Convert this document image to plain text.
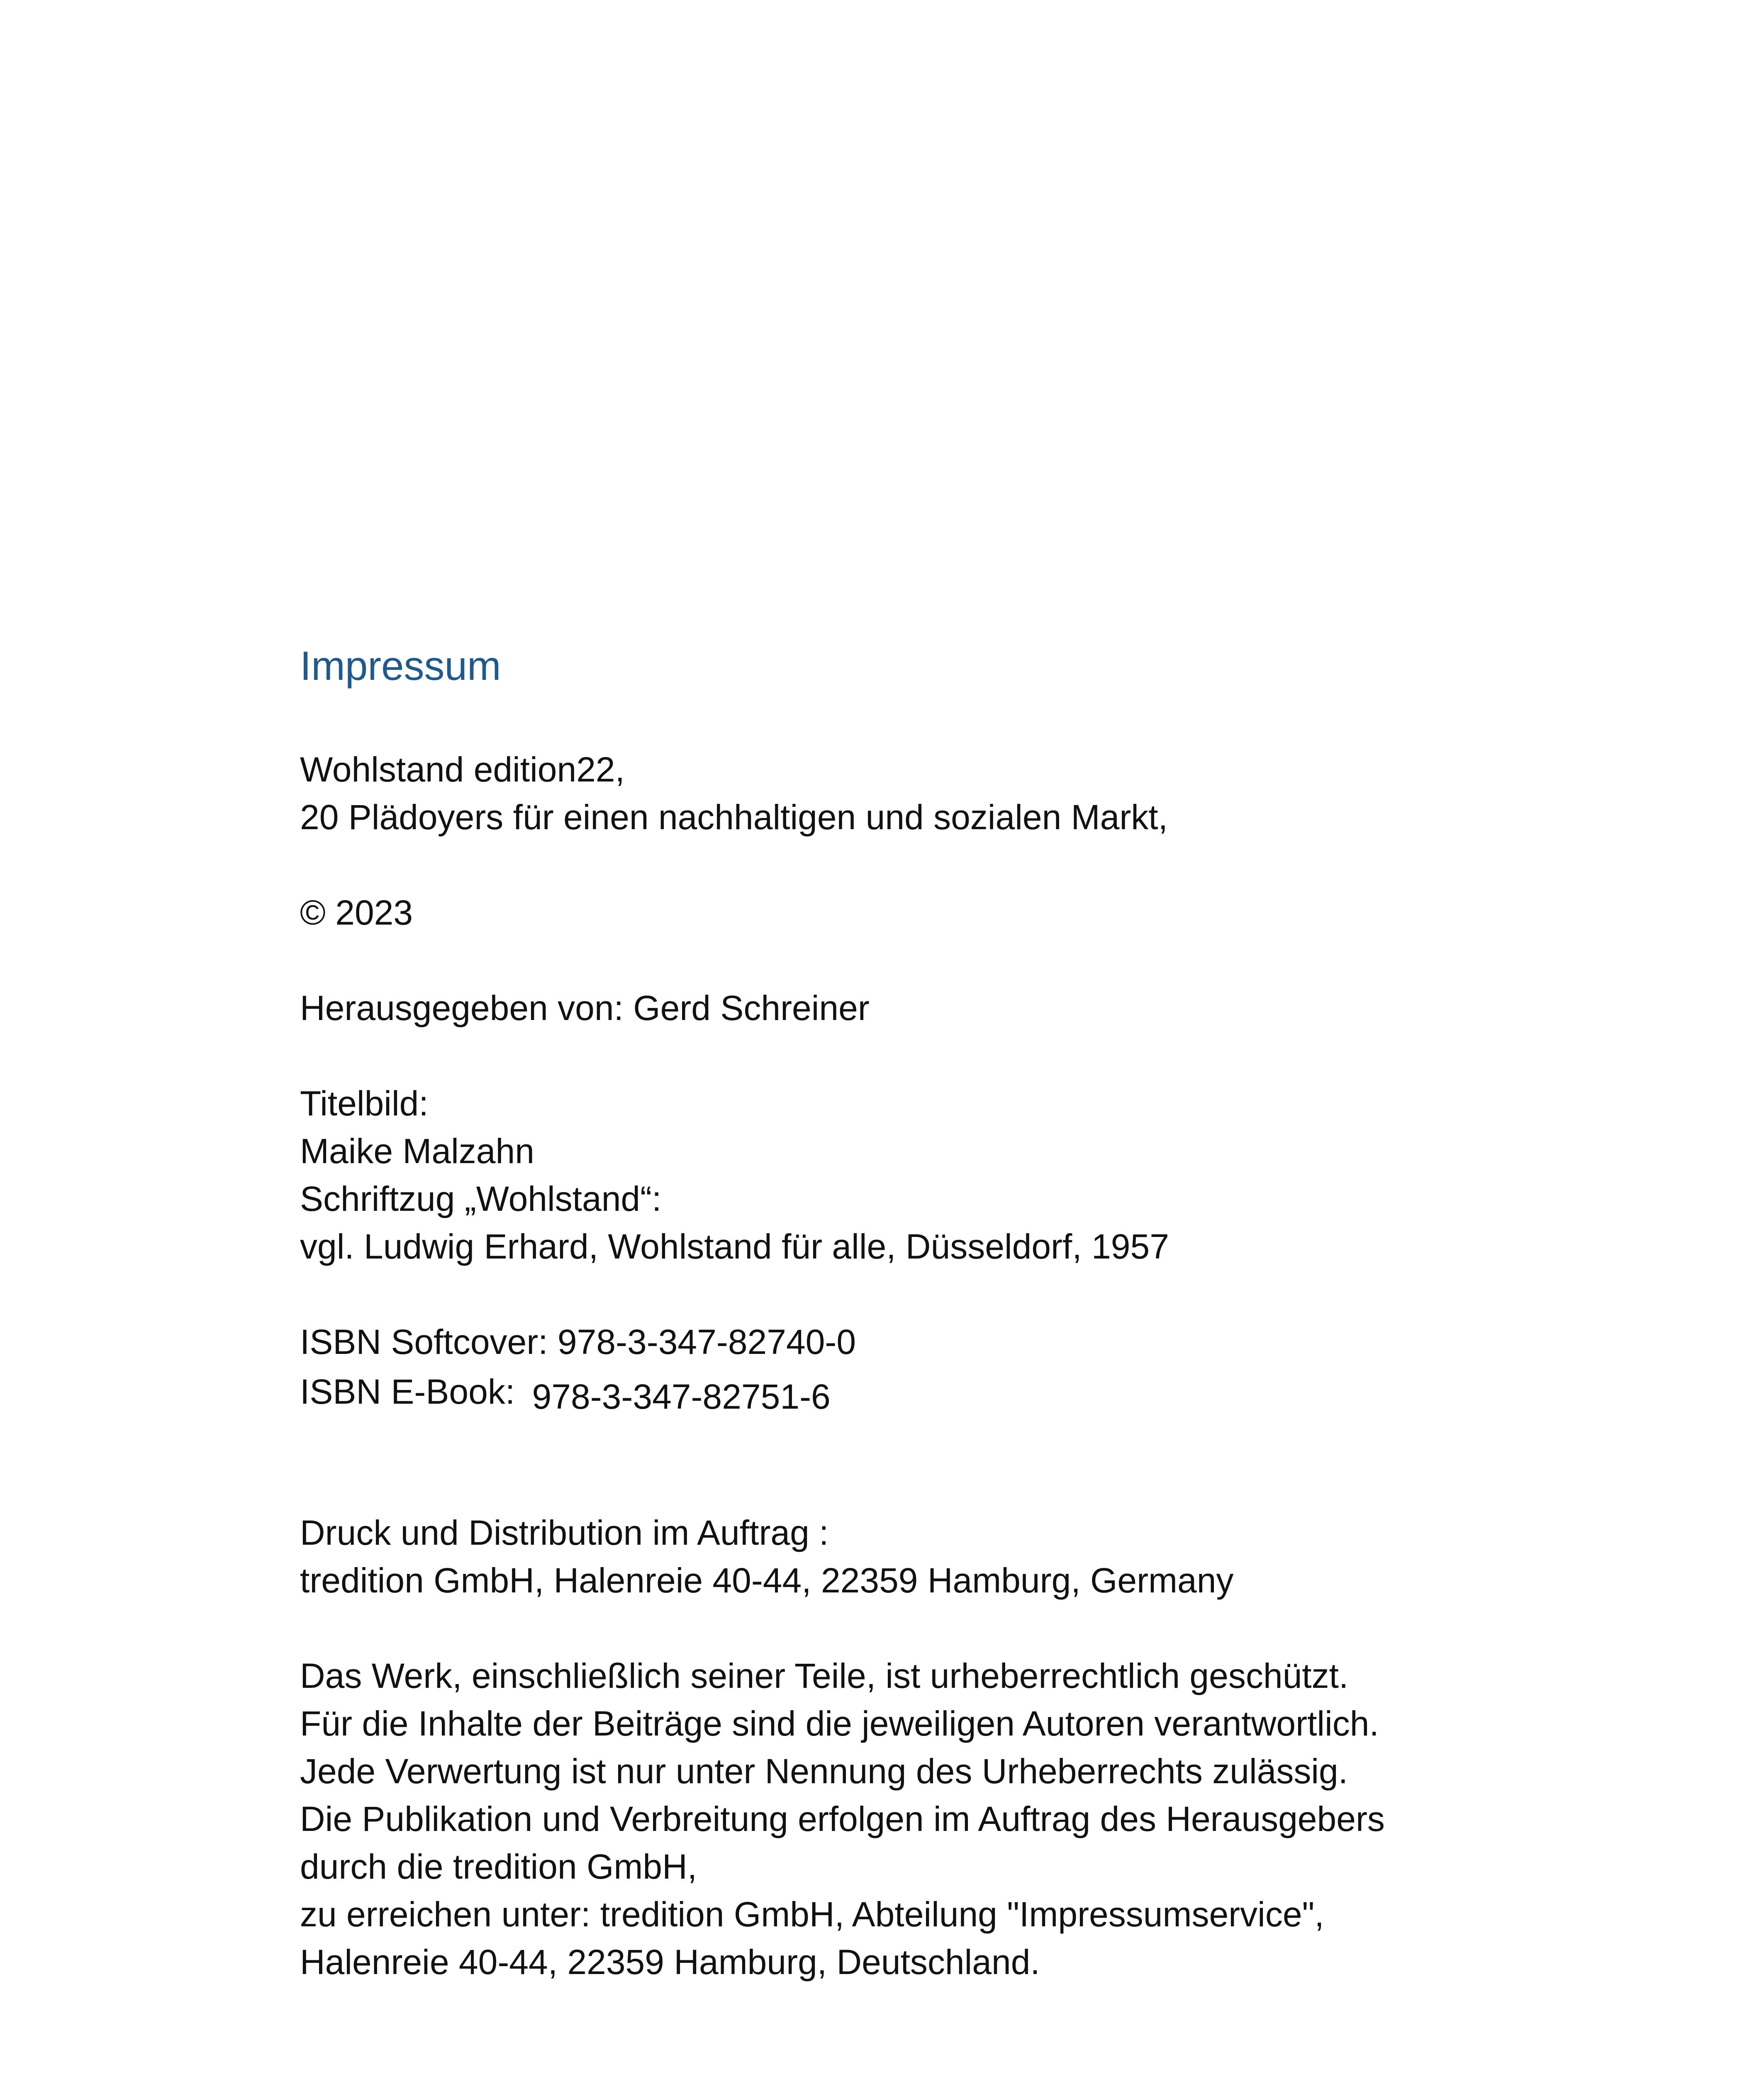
Impressum
Wohlstand edition22,
20 Plädoyers für einen nachhaltigen und sozialen Markt,
© 2023
Herausgegeben von: Gerd Schreiner
Titelbild:
Maike Malzahn
Schriftzug „Wohlstand“:
vgl. Ludwig Erhard, Wohlstand für alle, Düsseldorf, 1957
ISBN Softcover: 978-3-347-82740-0
ISBN E-Book: 978-3-347-82751-6
Druck und Distribution im Auftrag :
tredition GmbH, Halenreie 40-44, 22359 Hamburg, Germany
Das Werk, einschließlich seiner Teile, ist urheberrechtlich geschützt.
Für die Inhalte der Beiträge sind die jeweiligen Autoren verantwortlich.
Jede Verwertung ist nur unter Nennung des Urheberrechts zulässig.
Die Publikation und Verbreitung erfolgen im Auftrag des Herausgebers
durch die tredition GmbH,
zu erreichen unter: tredition GmbH, Abteilung "Impressumservice",
Halenreie 40-44, 22359 Hamburg, Deutschland.
